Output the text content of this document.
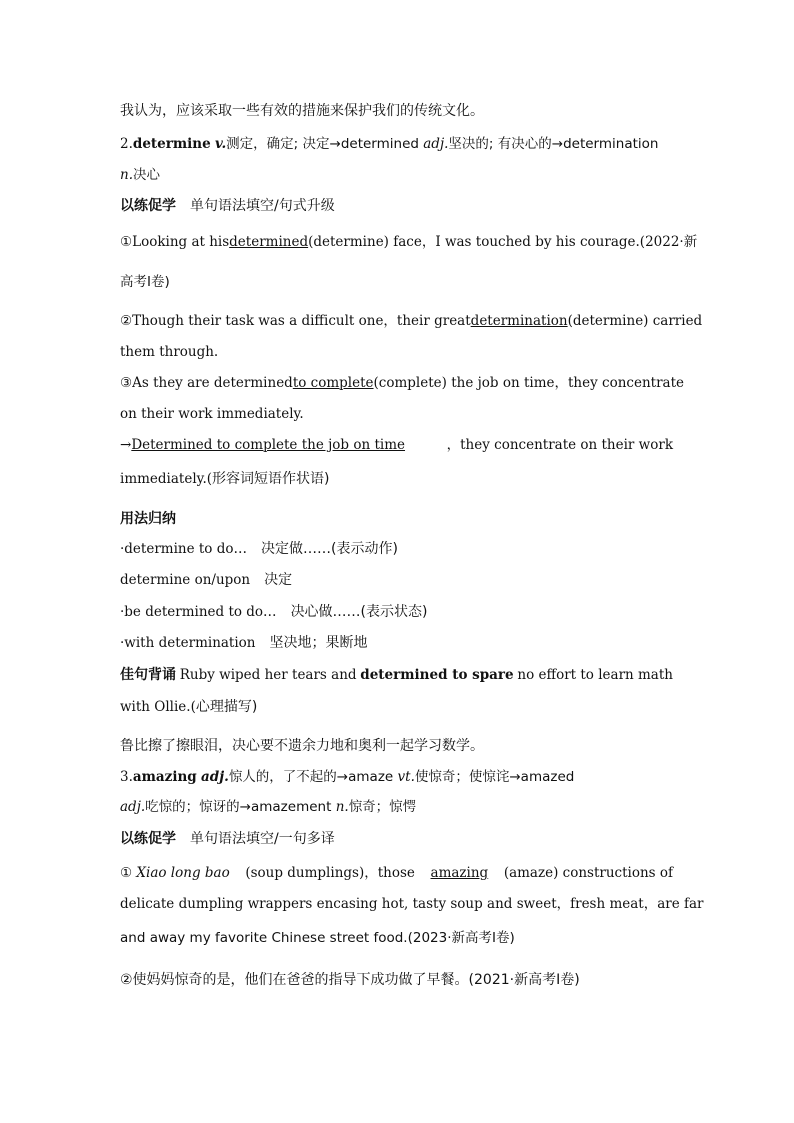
我认为，应该采取一些有效的措施来保护我们的传统文化。
2.determine v.测定，确定; 决定→determined adj.坚决的; 有决心的→determination
n.决心
以练促学 单句语法填空/句式升级
①Looking at his determined (determine) face，I was touched by his courage.(2022·新
高考Ⅰ卷)
②Though their task was a difficult one，their great determination (determine) carried
them through.
③As they are determined to complete (complete) the job on time，they concentrate
on their work immediately.
→Determined to complete the job on time	，they concentrate on their work
immediately.(形容词短语作状语)
用法归纳
·determine to do… 决定做……(表示动作)
determine on/upon 决定
·be determined to do… 决心做……(表示状态)
·with determination 坚决地；果断地
佳句背诵 Ruby wiped her tears and determined to spare no effort to learn math
with Ollie.(心理描写)
鲁比擦了擦眼泪，决心要不遗余力地和奥利一起学习数学。
3.amazing adj.惊人的，了不起的→amaze vt.使惊奇；使惊诧→amazed
adj.吃惊的；惊讶的→amazement n.惊奇；惊愕
以练促学 单句语法填空/一句多译
① Xiao long bao (soup dumplings)，those amazing (amaze) constructions of
delicate dumpling wrappers encasing hot, tasty soup and sweet，fresh meat，are far
and away my favorite Chinese street food.(2023·新高考Ⅰ卷)
②使妈妈惊奇的是，他们在爸爸的指导下成功做了早餐。(2021·新高考Ⅰ卷)
